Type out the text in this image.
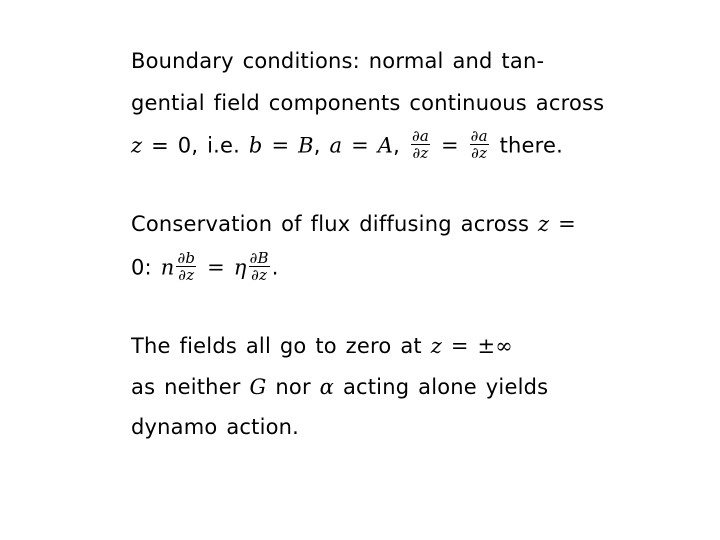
Boundary conditions: normal and tan-
gential field components continuous across
z = 0, i.e. b = B, a = A, $\frac{\partial a}{\partial z} = \frac{\partial a}{\partial z}$ there.
Conservation of flux diffusing across z =
0: n $\frac{\partial b}{\partial z} = \eta \frac{\partial B}{\partial z}$ .
The fields all go to zero at z = ±∞
as neither G nor α acting alone yields
dynamo action.
